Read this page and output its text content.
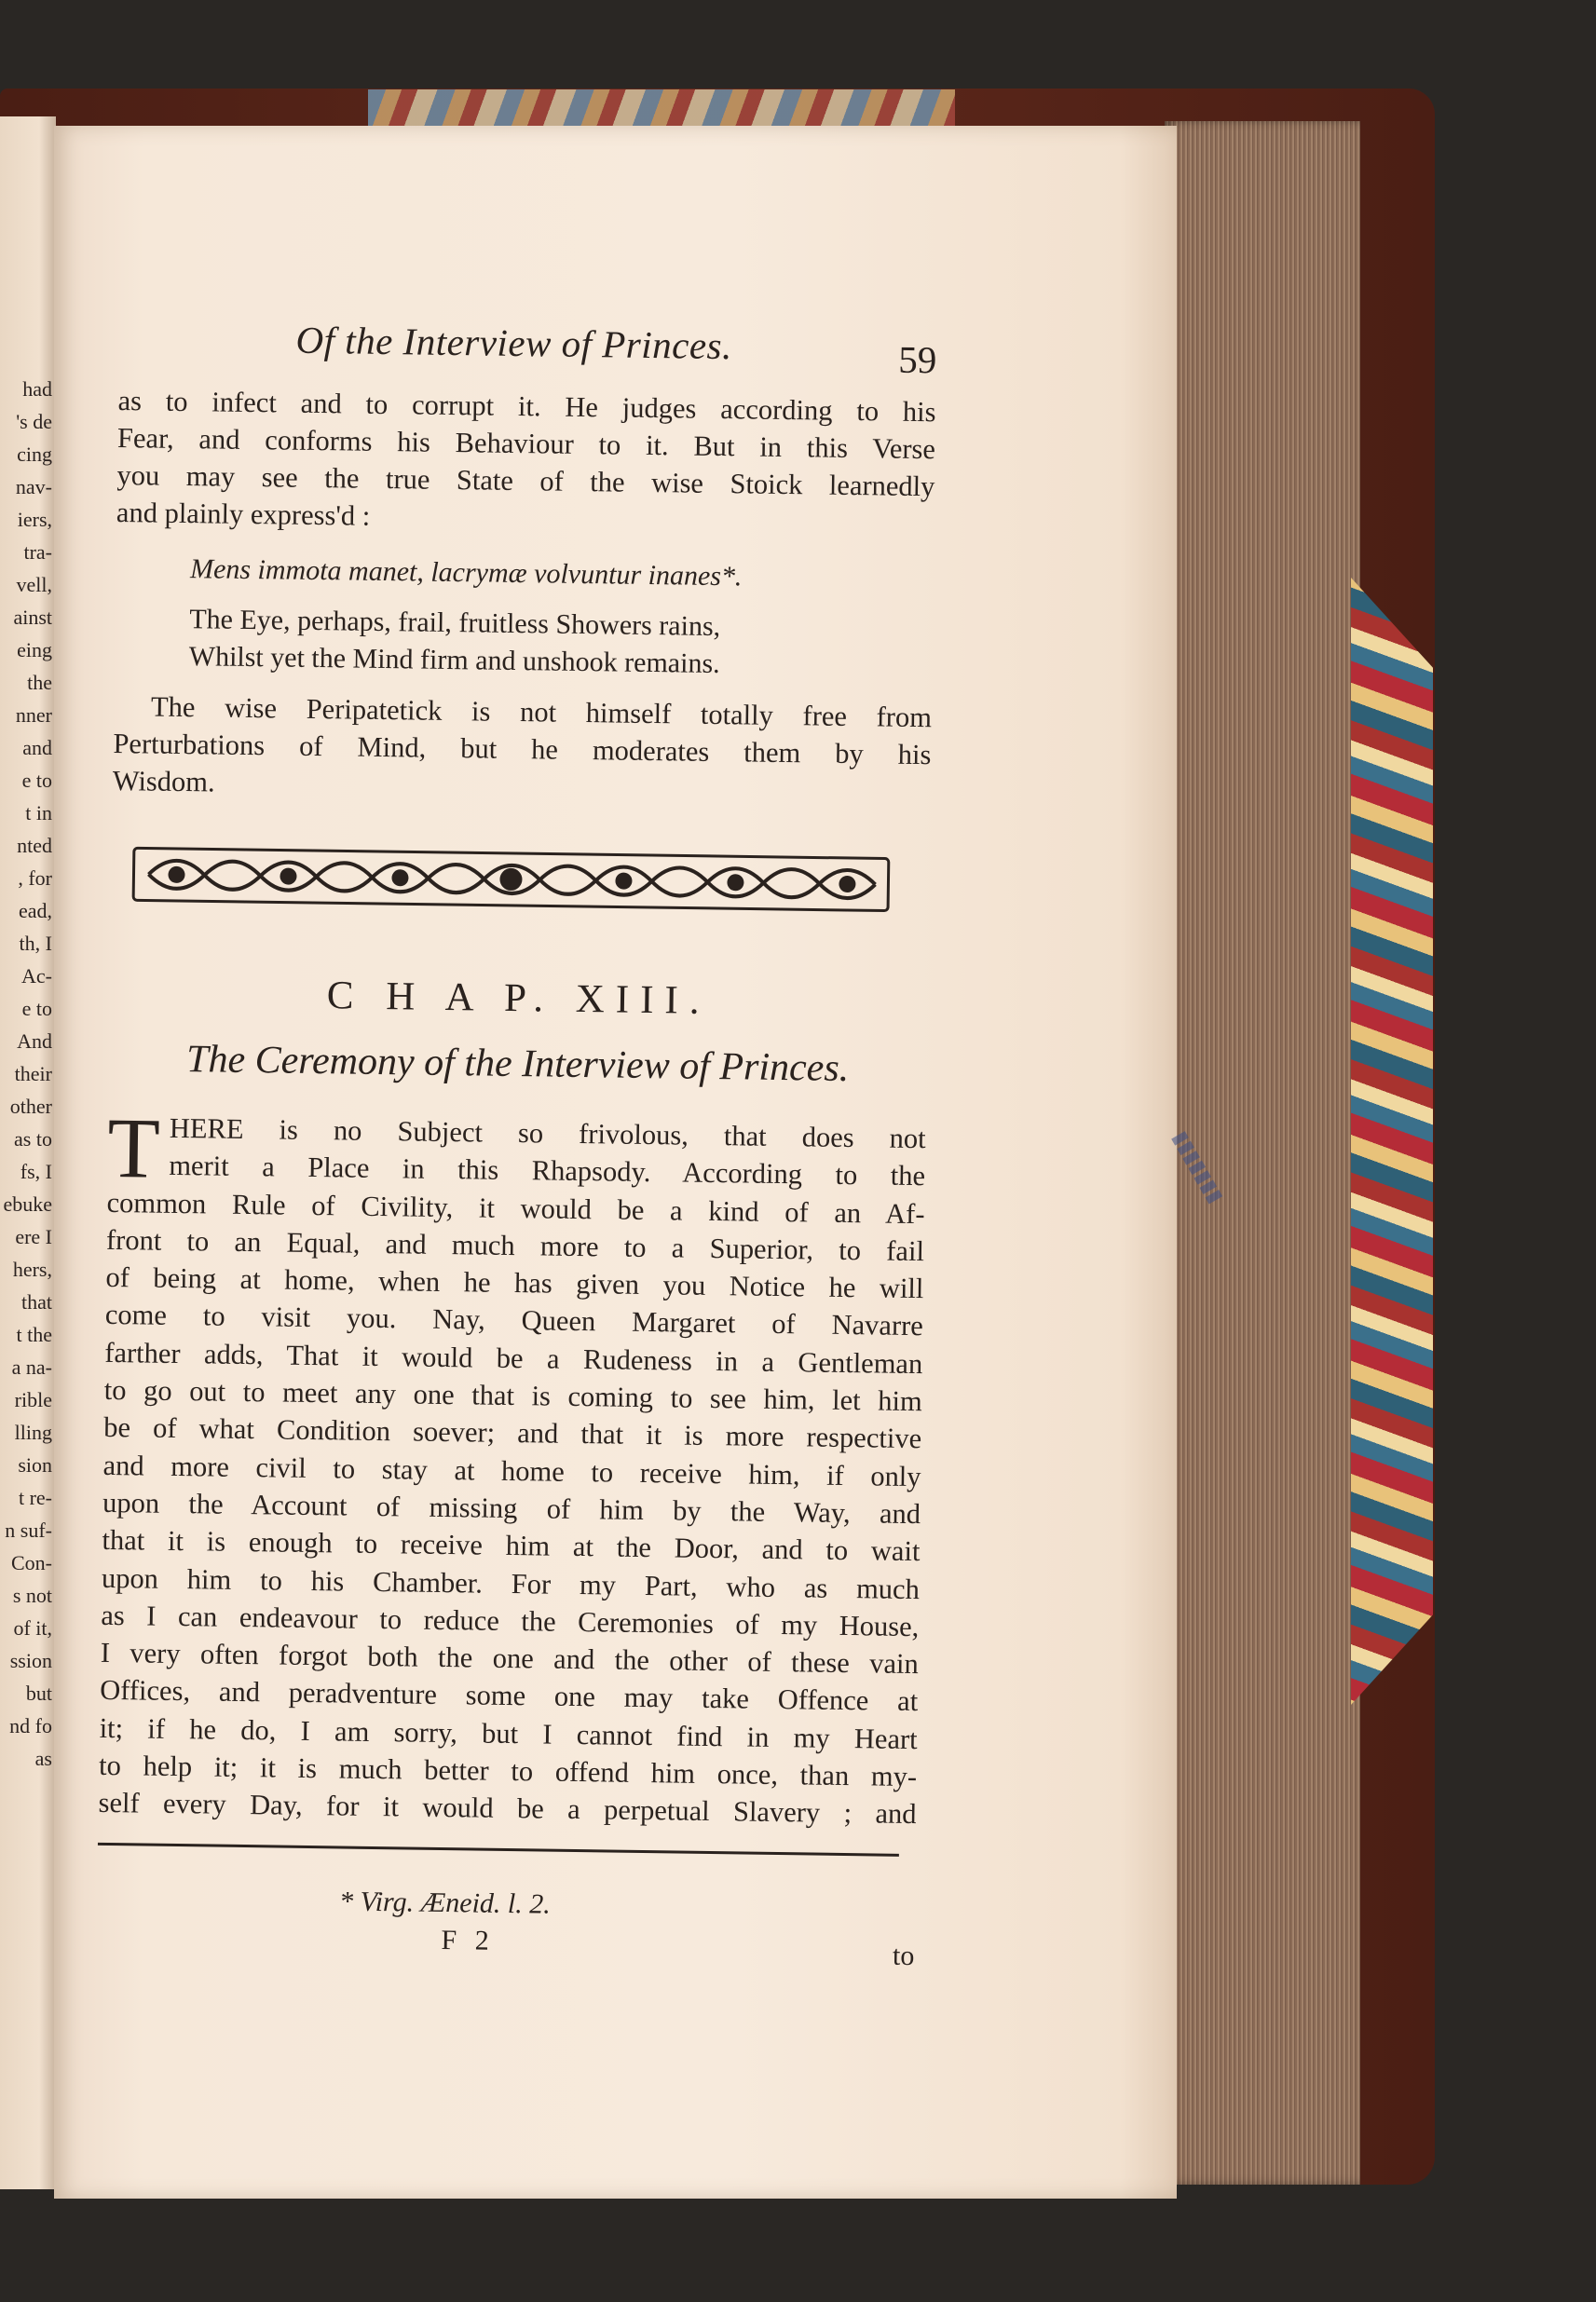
had
's de
cing
nav-
iers,
tra-
vell,
ainst
eing
the
nner
and
e to
t in
nted
, for
ead,
th, I
Ac-
e to
And
their
other
as to
fs, I
ebuke
ere I
hers,
that
t the
a na-
rible
lling
sion
t re-
n suf-
Con-
s not
of it,
ssion
but
nd fo
as
Of the Interview of Princes.	59

as to infect and to corrupt it. He judges according to his
Fear, and conforms his Behaviour to it. But in this Verse
you may see the true State of the wise Stoick learnedly
and plainly express'd :

Mens immota manet, lacrymæ volvuntur inanes*.
The Eye, perhaps, frail, fruitless Showers rains,
Whilst yet the Mind firm and unshook remains.

The wise Peripatetick is not himself totally free from
Perturbations of Mind, but he moderates them by his
Wisdom.

C H A P. XIII.
The Ceremony of the Interview of Princes.
T HERE is no Subject so frivolous, that does not
merit a Place in this Rhapsody. According to the
common Rule of Civility, it would be a kind of an Af-
front to an Equal, and much more to a Superior, to fail
of being at home, when he has given you Notice he will
come to visit you. Nay, Queen Margaret of Navarre
farther adds, That it would be a Rudeness in a Gentleman
to go out to meet any one that is coming to see him, let him
be of what Condition soever; and that it is more respective
and more civil to stay at home to receive him, if only
upon the Account of missing of him by the Way, and
that it is enough to receive him at the Door, and to wait
upon him to his Chamber. For my Part, who as much
as I can endeavour to reduce the Ceremonies of my House,
I very often forgot both the one and the other of these vain
Offices, and peradventure some one may take Offence at
it; if he do, I am sorry, but I cannot find in my Heart
to help it; it is much better to offend him once, than my-
self every Day, for it would be a perpetual Slavery ; and
* Virg. Æneid. l. 2.
F 2	to
▮▮▮▮▮▮▮
